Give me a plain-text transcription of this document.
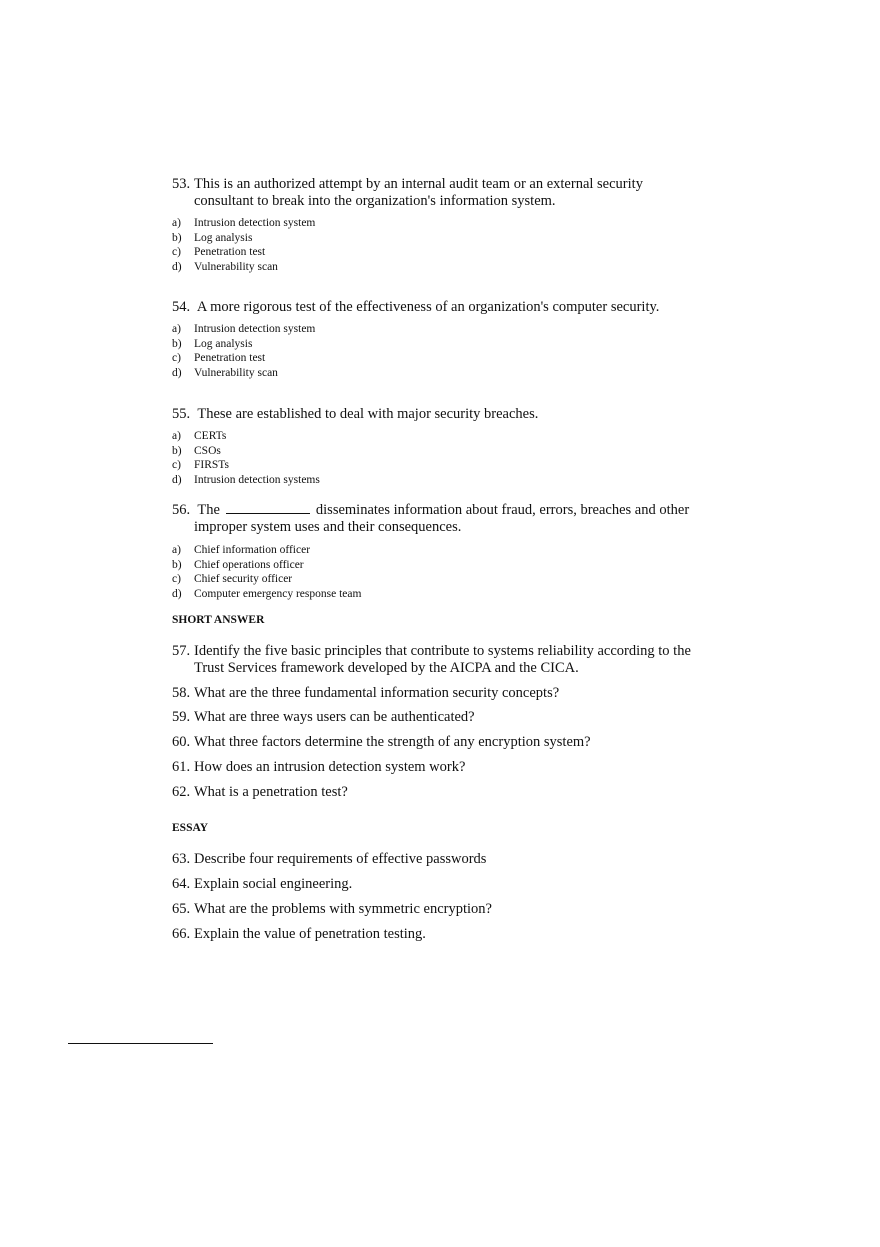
53. This is an authorized attempt by an internal audit team or an external security
consultant to break into the organization's information system.

a) Intrusion detection system
b) Log analysis
c) Penetration test
d) Vulnerability scan

54. A more rigorous test of the effectiveness of an organization's computer security.

a) Intrusion detection system
b) Log analysis
c) Penetration test
d) Vulnerability scan

55. These are established to deal with major security breaches.

a) CERTs
b) CSOs
c) FIRSTs
d) Intrusion detection systems

56. The	disseminates information about fraud, errors, breaches and other
improper system uses and their consequences.

a) Chief information officer
b) Chief operations officer
c) Chief security officer
d) Computer emergency response team
SHORT ANSWER

57. Identify the five basic principles that contribute to systems reliability according to the
Trust Services framework developed by the AICPA and the CICA.

58. What are the three fundamental information security concepts?

59. What are three ways users can be authenticated?

60. What three factors determine the strength of any encryption system?

61. How does an intrusion detection system work?

62. What is a penetration test?

ESSAY

63. Describe four requirements of effective passwords

64. Explain social engineering.

65. What are the problems with symmetric encryption?

66. Explain the value of penetration testing.
